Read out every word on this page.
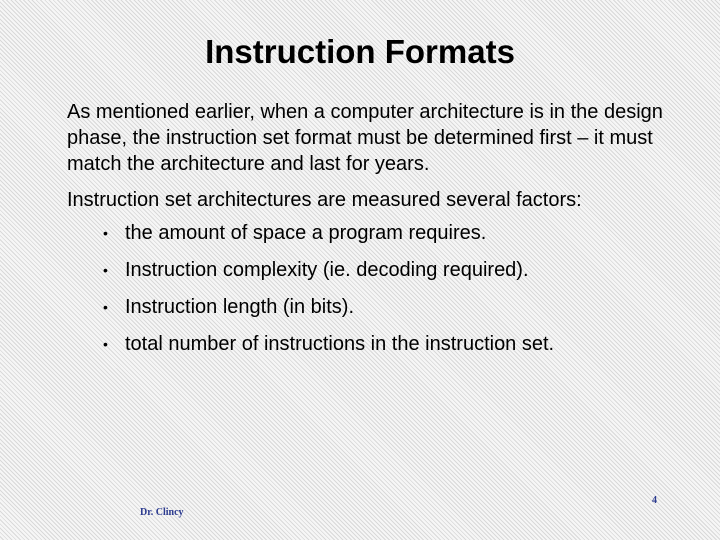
Instruction Formats

As mentioned earlier, when a computer architecture is in the design phase, the instruction set format must be determined first – it must match the architecture and last for years.

Instruction set architectures are measured several factors:

• the amount of space a program requires.
• Instruction complexity (ie. decoding required).
• Instruction length (in bits).
• total number of instructions in the instruction set.
Dr. Clincy
4
